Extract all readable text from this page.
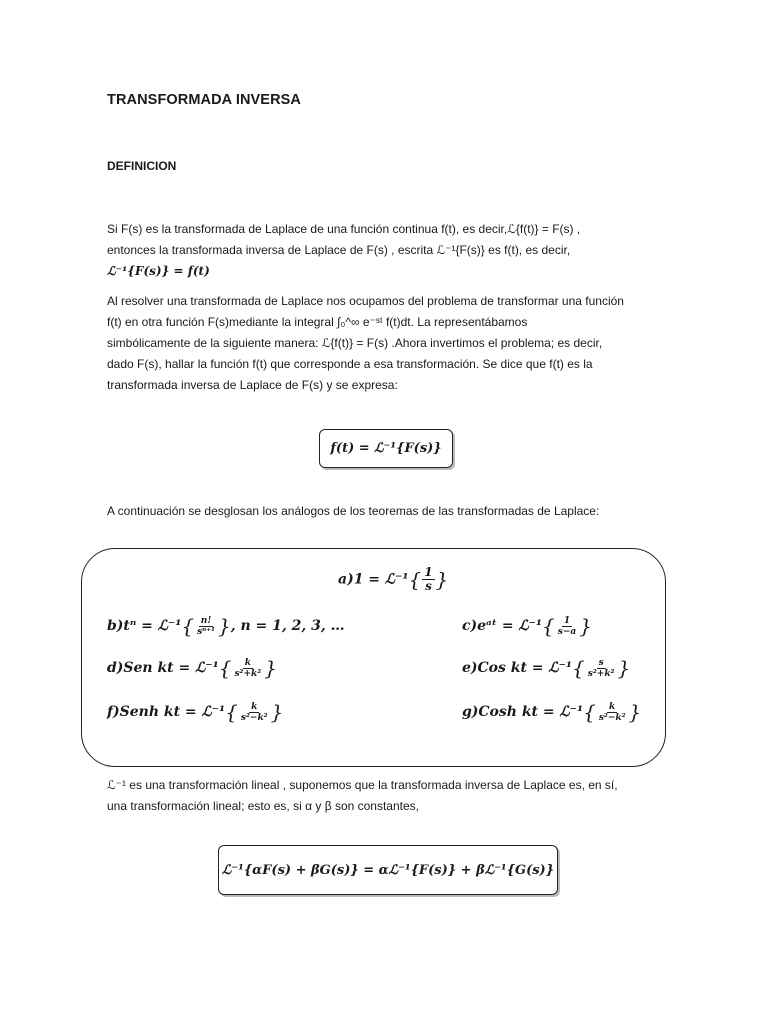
TRANSFORMADA INVERSA
DEFINICION
Si F(s) es la transformada de Laplace de una función continua f(t), es decir,ℒ{f(t)} = F(s) ,
entonces la transformada inversa de Laplace de F(s) , escrita ℒ⁻¹{F(s)} es f(t), es decir,
ℒ⁻¹{F(s)} = f(t)
Al resolver una transformada de Laplace nos ocupamos del problema de transformar una función
f(t) en otra función F(s)mediante la integral ∫₀^∞ e⁻ˢᵗ f(t)dt. La representábamos
simbólicamente de la siguiente manera: ℒ{f(t)} = F(s) .Ahora invertimos el problema; es decir,
dado F(s), hallar la función f(t) que corresponde a esa transformación. Se dice que f(t) es la
transformada inversa de Laplace de F(s) y se expresa:
f(t) = ℒ⁻¹{F(s)}
A continuación se desglosan los análogos de los teoremas de las transformadas de Laplace:
a)1 = ℒ⁻¹{ $\frac{1}{s}$ }
b)tⁿ = ℒ⁻¹{ $\frac{n!}{\text{sⁿ⁺¹}}$ }, n = 1, 2, 3, …	c)eᵃᵗ = ℒ⁻¹{ $\frac{1}{s-a}$ }
d)Sen kt = ℒ⁻¹{ $\frac{k}{\text{s²+k²}}$ }	e)Cos kt = ℒ⁻¹{ $\frac{s}{\text{s²+k²}}$ }
f)Senh kt = ℒ⁻¹{ $\frac{k}{\text{s²−k²}}$ }	g)Cosh kt = ℒ⁻¹{ $\frac{k}{\text{s²−k²}}$ }
ℒ⁻¹ es una transformación lineal , suponemos que la transformada inversa de Laplace es, en sí,
una transformación lineal; esto es, si α y β son constantes,
ℒ⁻¹{αF(s) + βG(s)} = αℒ⁻¹{F(s)} + βℒ⁻¹{G(s)}
